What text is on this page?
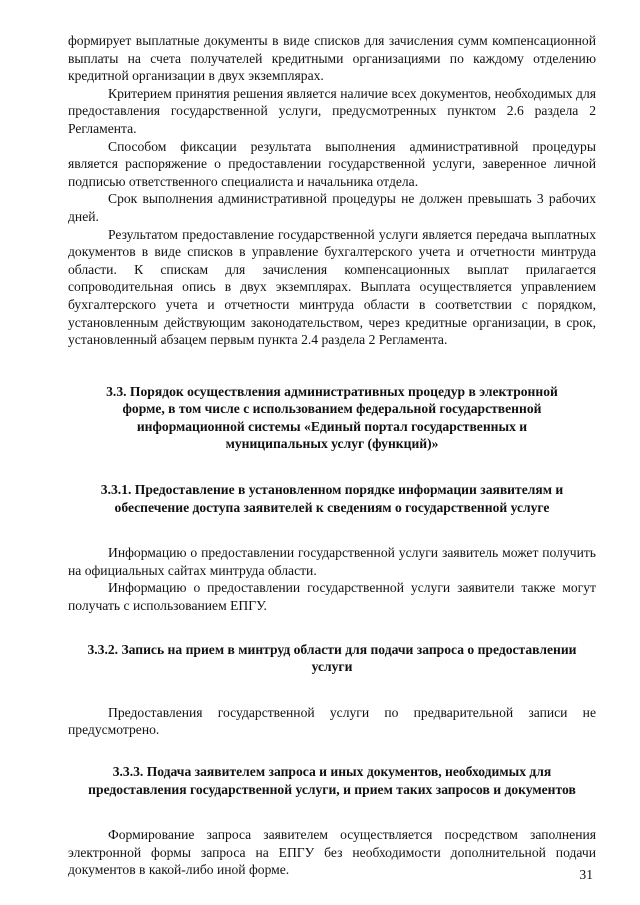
формирует выплатные документы в виде списков для зачисления сумм компенсационной выплаты на счета получателей кредитными организациями по каждому отделению кредитной организации в двух экземплярах.

Критерием принятия решения является наличие всех документов, необходимых для предоставления государственной услуги, предусмотренных пунктом 2.6 раздела 2 Регламента.

Способом фиксации результата выполнения административной процедуры является распоряжение о предоставлении государственной услуги, заверенное личной подписью ответственного специалиста и начальника отдела.

Срок выполнения административной процедуры не должен превышать 3 рабочих дней.

Результатом предоставление государственной услуги является передача выплатных документов в виде списков в управление бухгалтерского учета и отчетности минтруда области. К спискам для зачисления компенсационных выплат прилагается сопроводительная опись в двух экземплярах. Выплата осуществляется управлением бухгалтерского учета и отчетности минтруда области в соответствии с порядком, установленным действующим законодательством, через кредитные организации, в срок, установленный абзацем первым пункта 2.4 раздела 2 Регламента.

3.3. Порядок осуществления административных процедур в электронной форме, в том числе с использованием федеральной государственной информационной системы «Единый портал государственных и муниципальных услуг (функций)»
3.3.1. Предоставление в установленном порядке информации заявителям и обеспечение доступа заявителей к сведениям о государственной услуге

Информацию о предоставлении государственной услуги заявитель может получить на официальных сайтах минтруда области.

Информацию о предоставлении государственной услуги заявители также могут получать с использованием ЕПГУ.

3.3.2. Запись на прием в минтруд области для подачи запроса о предоставлении услуги

Предоставления государственной услуги по предварительной записи не предусмотрено.

3.3.3. Подача заявителем запроса и иных документов, необходимых для предоставления государственной услуги, и прием таких запросов и документов

Формирование запроса заявителем осуществляется посредством заполнения электронной формы запроса на ЕПГУ без необходимости дополнительной подачи документов в какой-либо иной форме.	31
